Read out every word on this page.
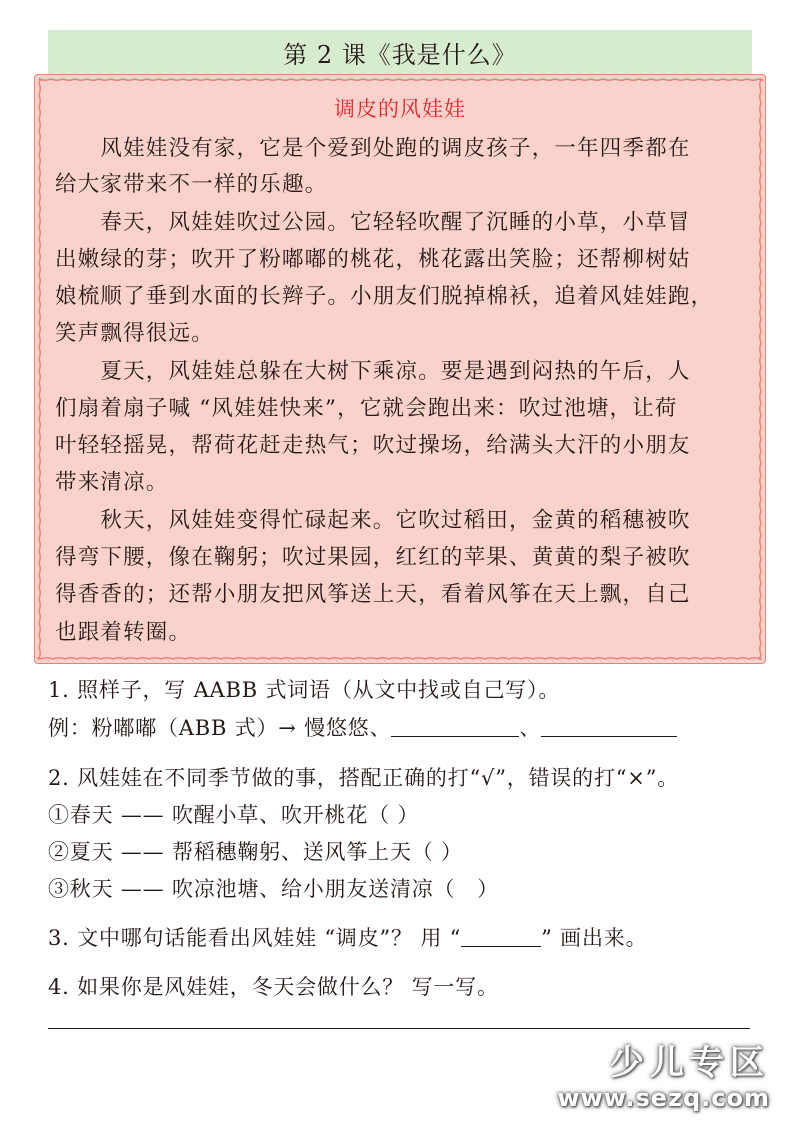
第 2 课《我是什么》
调皮的风娃娃
　　风娃娃没有家，它是个爱到处跑的调皮孩子，一年四季都在
给大家带来不一样的乐趣。
　　春天，风娃娃吹过公园。它轻轻吹醒了沉睡的小草，小草冒
出嫩绿的芽；吹开了粉嘟嘟的桃花，桃花露出笑脸；还帮柳树姑
娘梳顺了垂到水面的长辫子。小朋友们脱掉棉袄，追着风娃娃跑，
笑声飘得很远。
　　夏天，风娃娃总躲在大树下乘凉。要是遇到闷热的午后，人
们扇着扇子喊 “风娃娃快来”，它就会跑出来：吹过池塘，让荷
叶轻轻摇晃，帮荷花赶走热气；吹过操场，给满头大汗的小朋友
带来清凉。
　　秋天，风娃娃变得忙碌起来。它吹过稻田，金黄的稻穗被吹
得弯下腰，像在鞠躬；吹过果园，红红的苹果、黄黄的梨子被吹
得香香的；还帮小朋友把风筝送上天，看着风筝在天上飘，自己
也跟着转圈。
1. 照样子，写 AABB 式词语（从文中找或自己写）。
例：粉嘟嘟（ABB 式）→ 慢悠悠、	、
2. 风娃娃在不同季节做的事，搭配正确的打“√”，错误的打“×”。
①春天 —— 吹醒小草、吹开桃花（ ）
②夏天 —— 帮稻穗鞠躬、送风筝上天（ ）
③秋天 —— 吹凉池塘、给小朋友送清凉（　）
3. 文中哪句话能看出风娃娃 “调皮”？ 用 “	” 画出来。
4. 如果你是风娃娃，冬天会做什么？ 写一写。
少儿专区
www.sezq.com
